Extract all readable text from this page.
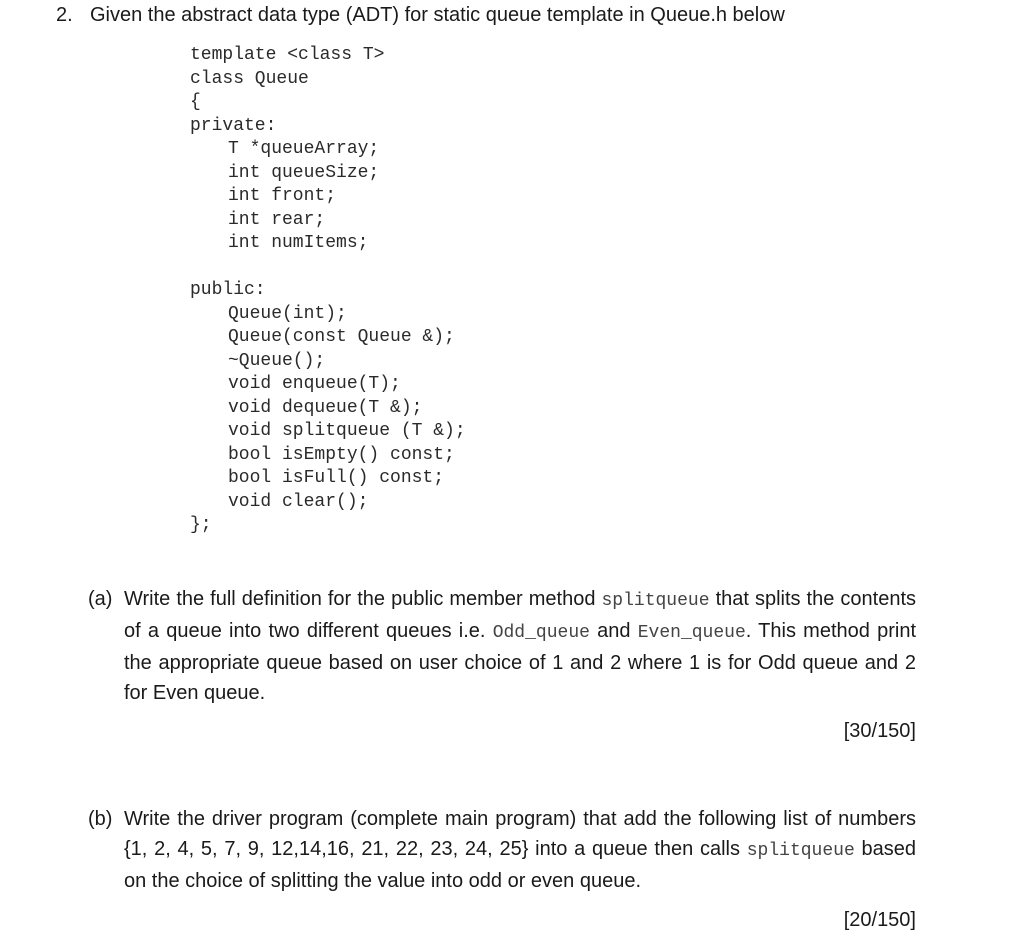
2. Given the abstract data type (ADT) for static queue template in Queue.h below
template <class T>
class Queue
{
private:
T *queueArray;
int queueSize;
int front;
int rear;
int numItems;
public:
Queue(int);
Queue(const Queue &);
~Queue();
void enqueue(T);
void dequeue(T &);
void splitqueue (T &);
bool isEmpty() const;
bool isFull() const;
void clear();
};
(a) Write the full definition for the public member method splitqueue that splits the contents of a queue into two different queues i.e. Odd_queue and Even_queue. This method print the appropriate queue based on user choice of 1 and 2 where 1 is for Odd queue and 2 for Even queue.
[30/150]
(b) Write the driver program (complete main program) that add the following list of numbers {1, 2, 4, 5, 7, 9, 12,14,16, 21, 22, 23, 24, 25} into a queue then calls splitqueue based on the choice of splitting the value into odd or even queue.
[20/150]
